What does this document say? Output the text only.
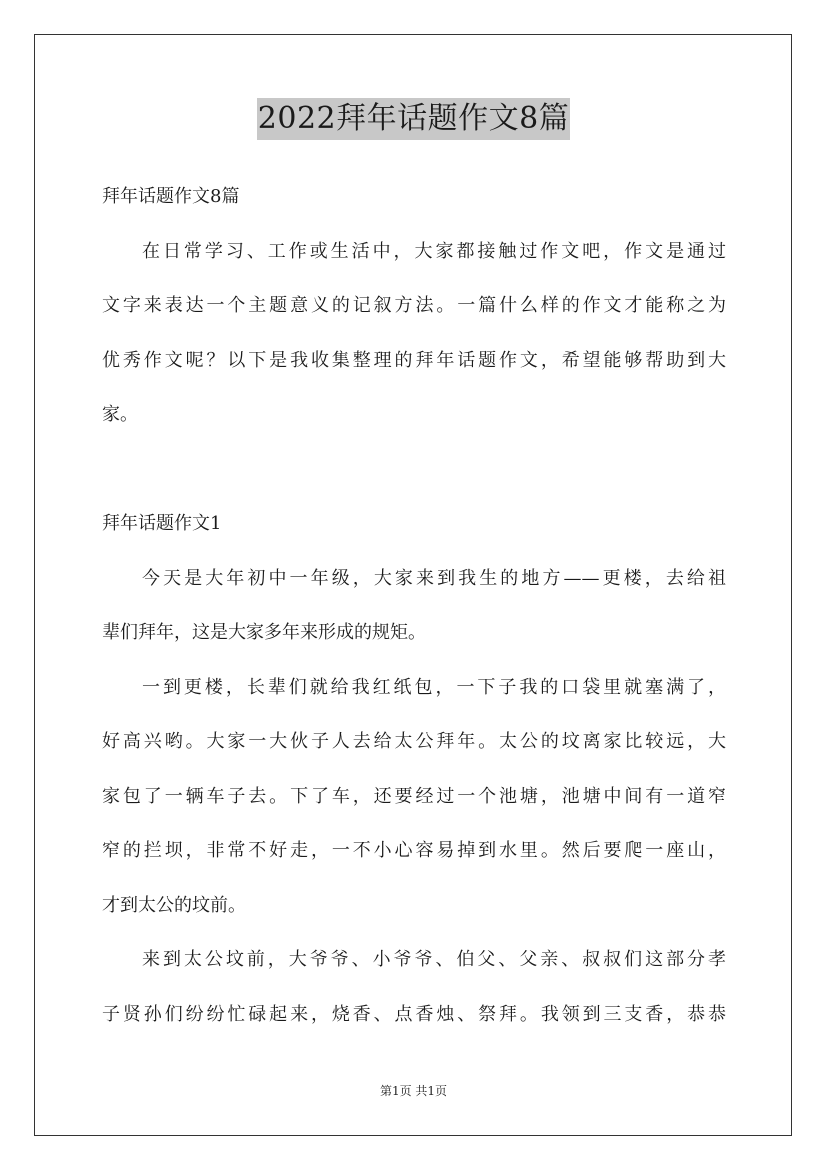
2022拜年话题作文8篇
拜年话题作文8篇
在日常学习、工作或生活中，大家都接触过作文吧，作文是通过
文字来表达一个主题意义的记叙方法。一篇什么样的作文才能称之为
优秀作文呢？以下是我收集整理的拜年话题作文，希望能够帮助到大
家。
拜年话题作文1
今天是大年初中一年级，大家来到我生的地方——更楼，去给祖
辈们拜年，这是大家多年来形成的规矩。
一到更楼，长辈们就给我红纸包，一下子我的口袋里就塞满了，
好高兴哟。大家一大伙子人去给太公拜年。太公的坟离家比较远，大
家包了一辆车子去。下了车，还要经过一个池塘，池塘中间有一道窄
窄的拦坝，非常不好走，一不小心容易掉到水里。然后要爬一座山，
才到太公的坟前。
来到太公坟前，大爷爷、小爷爷、伯父、父亲、叔叔们这部分孝
子贤孙们纷纷忙碌起来，烧香、点香烛、祭拜。我领到三支香，恭恭
第1页 共1页
